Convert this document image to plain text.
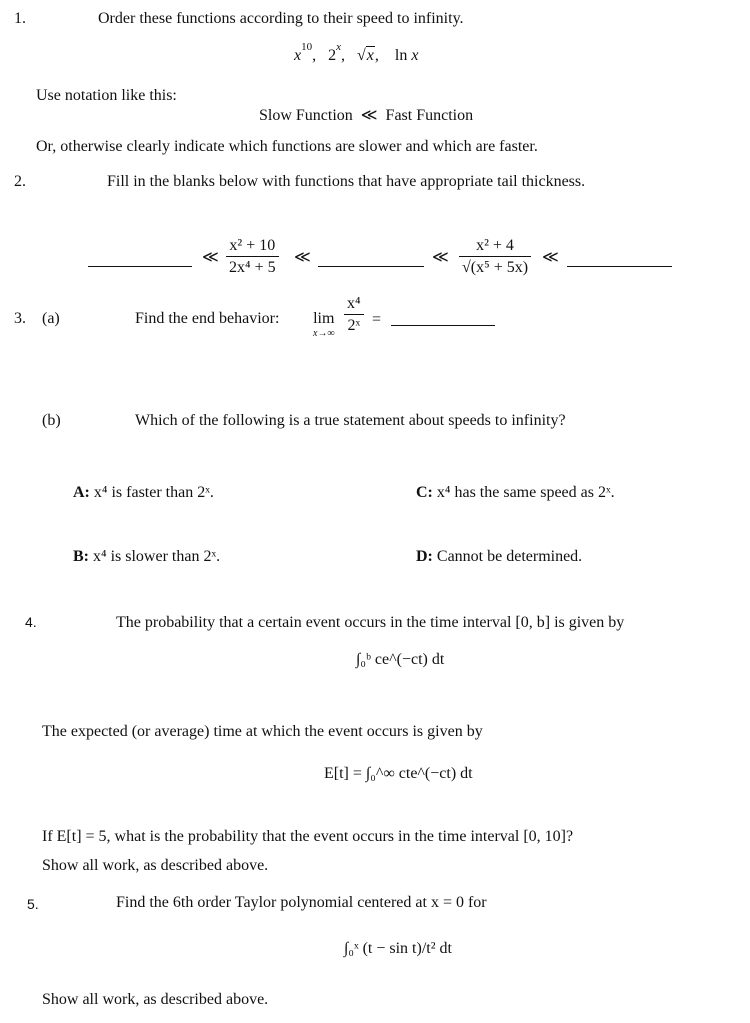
1.	Order these functions according to their speed to infinity.
$x^{10}$,   2$^x$,   √x,    ln x
Use notation like this:
Slow Function ≪ Fast Function
Or, otherwise clearly indicate which functions are slower and which are faster.
2.	Fill in the blanks below with functions that have appropriate tail thickness.
≪ $\frac{\text{x² + 10}}{\text{2x⁴ + 5}}$ ≪	≪ $\frac{\text{x² + 4}}{\text{√(x⁵ + 5x)}}$ ≪
3. (a)	Find the end behavior: lim
$x\to\infty \frac{\text{x⁴}}{\text{2ˣ}}$ =
(b)	Which of the following is a true statement about speeds to infinity?
A: x⁴ is faster than 2ˣ.
B: x⁴ is slower than 2ˣ.
C: x⁴ has the same speed as 2ˣ.
D: Cannot be determined.
4.	The probability that a certain event occurs in the time interval [0, b] is given by
∫₀ᵇ ce^(−ct) dt
The expected (or average) time at which the event occurs is given by
E[t] = ∫₀^∞ cte^(−ct) dt
If E[t] = 5, what is the probability that the event occurs in the time interval [0, 10]?
Show all work, as described above.
5.	Find the 6th order Taylor polynomial centered at x = 0 for
∫₀ˣ (t − sin t)/t² dt
Show all work, as described above.
